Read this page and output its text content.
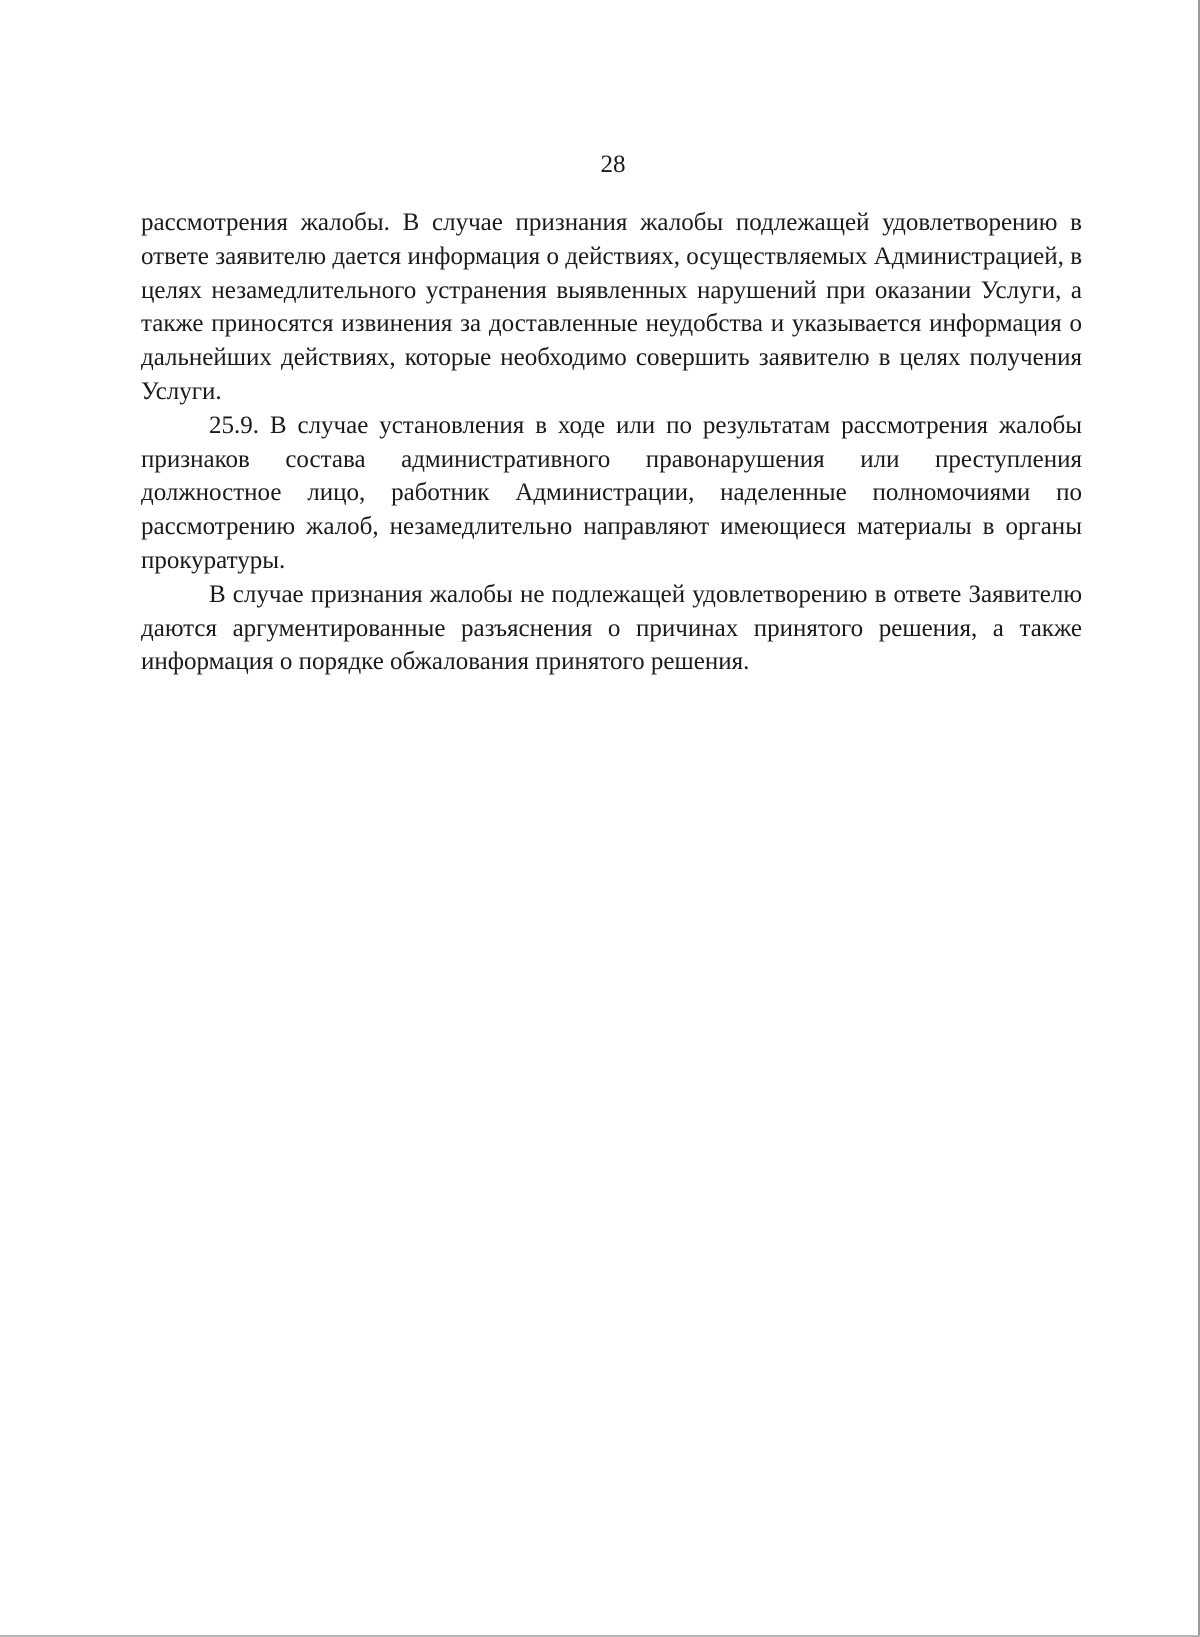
28

рассмотрения жалобы. В случае признания жалобы подлежащей удовлетворению в ответе заявителю дается информация о действиях, осуществляемых Администрацией, в целях незамедлительного устранения выявленных нарушений при оказании Услуги, а также приносятся извинения за доставленные неудобства и указывается информация о дальнейших действиях, которые необходимо совершить заявителю в целях получения Услуги.

25.9. В случае установления в ходе или по результатам рассмотрения жалобы признаков состава административного правонарушения или преступления должностное лицо, работник Администрации, наделенные полномочиями по рассмотрению жалоб, незамедлительно направляют имеющиеся материалы в органы прокуратуры.

В случае признания жалобы не подлежащей удовлетворению в ответе Заявителю даются аргументированные разъяснения о причинах принятого решения, а также информация о порядке обжалования принятого решения.
